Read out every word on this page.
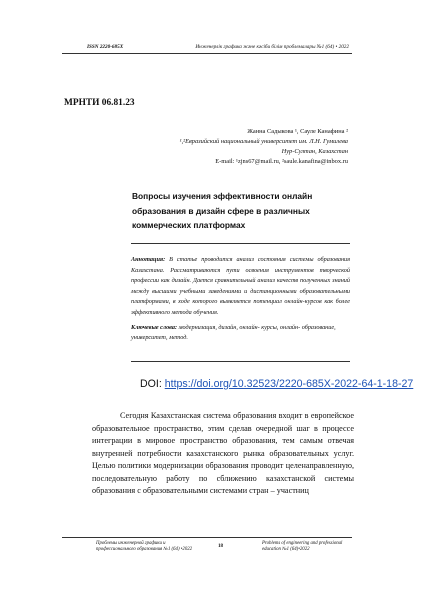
ISSN 2220-685X	Инженерлік графика және кәсіби білім проблемалары №1 (64) • 2022
МРНТИ 06.81.23
Жанна Садыкова ¹, Сауле Канафина ²
¹,²Евразийский национальный университет им. Л.Н. Гумилева
Нур-Султан, Казахстан
E-mail: ¹zjns67@mail.ru, ²saule.kanafina@inbox.ru
Вопросы изучения эффективности онлайн образования в дизайн сфере в различных коммерческих платформах
Аннотация: В статье проводится анализ состояния системы образования Казахстана. Рассматриваются пути освоения инструментов творческой профессии как дизайн. Дается сравнительный анализ качеств полученных знаний между высшими учебными заведениями и дистанционными образовательными платформами, в ходе которого выявляется потенциал онлайн-курсов как более эффективного метода обучения.
Ключевые слова: модернизация, дизайн, онлайн- курсы, онлайн- образование, университет, метод.
DOI: https://doi.org/10.32523/2220-685X-2022-64-1-18-27

Сегодня Казахстанская система образования входит в европейское образовательное пространство, этим сделав очередной шаг в процессе интеграции в мировое пространство образования, тем самым отвечая внутренней потребности казахстанского рынка образовательных услуг. Целью политики модернизации образования проводит целенаправленную, последовательную работу по сближению казахстанской системы образования с образовательными системами стран – участниц

Проблемы инженерной графики и профессионального образования №1 (64) •2022
18
Problems of engineering and professional education №1 (64)•2022
